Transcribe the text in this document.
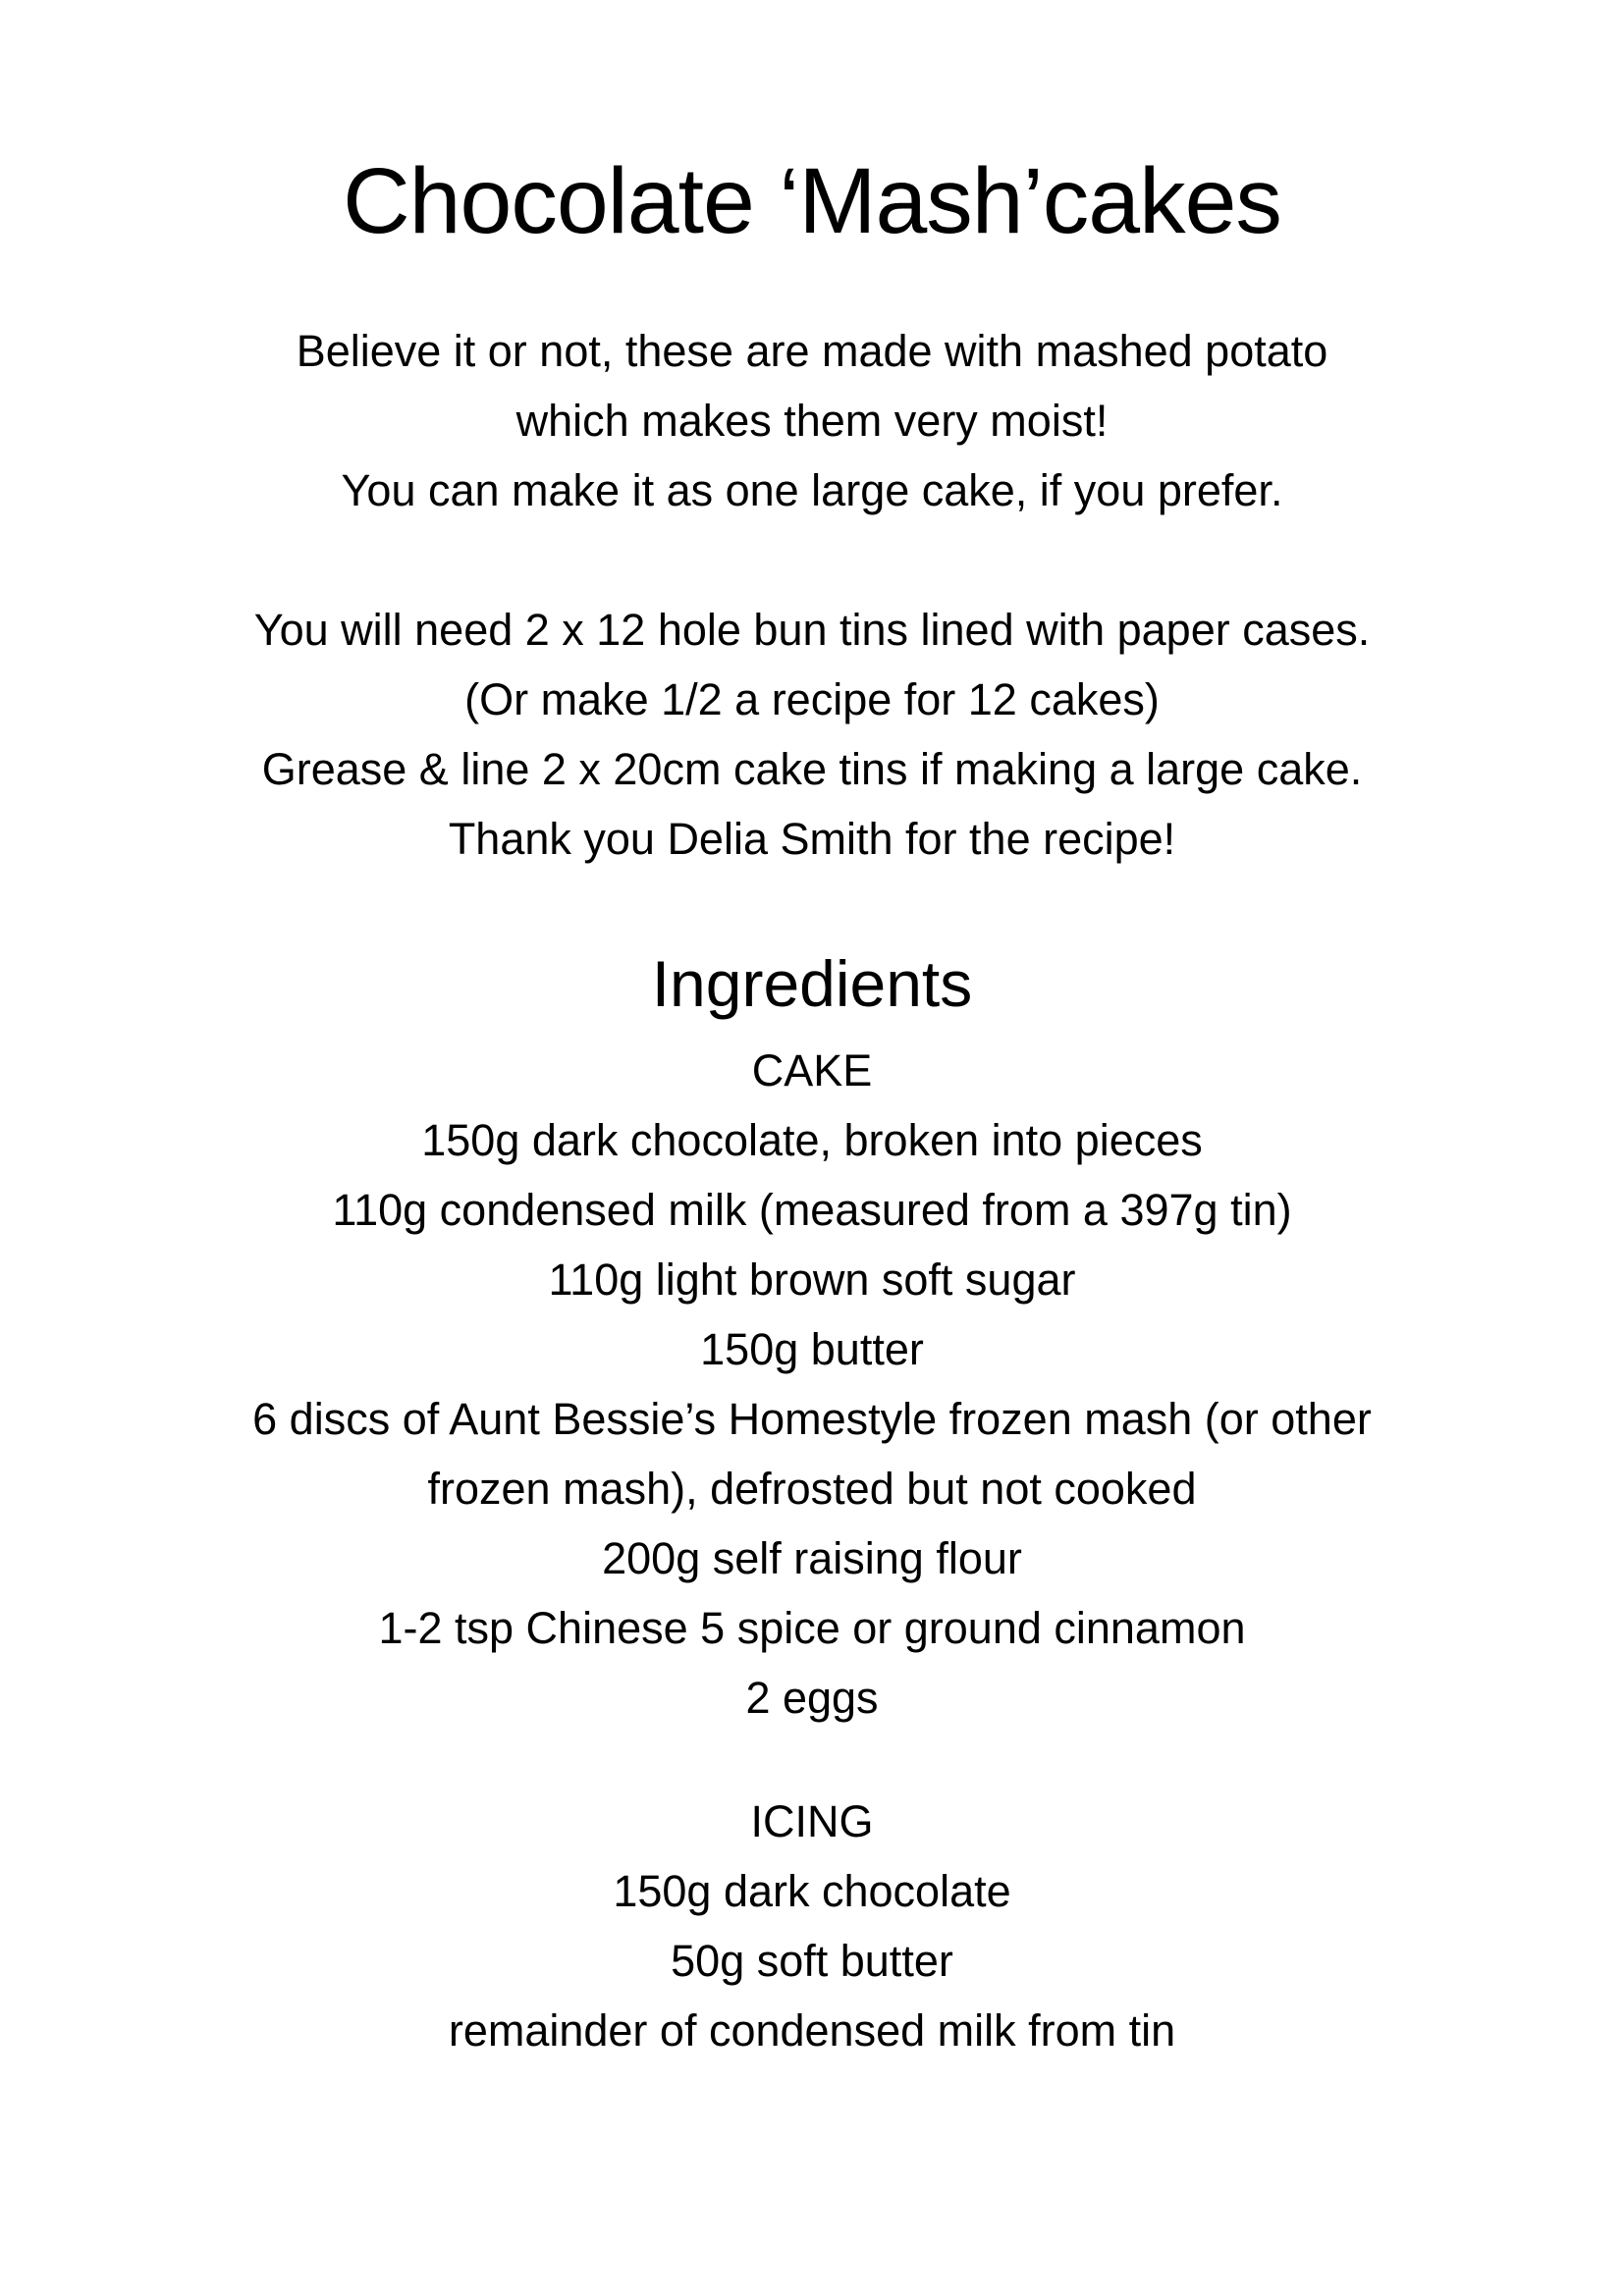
Chocolate ‘Mash’cakes
Believe it or not, these are made with mashed potato
which makes them very moist!
You can make it as one large cake, if you prefer.
You will need 2 x 12 hole bun tins lined with paper cases.
(Or make 1/2 a recipe for 12 cakes)
Grease & line 2 x 20cm cake tins if making a large cake.
Thank you Delia Smith for the recipe!
Ingredients
CAKE
150g dark chocolate, broken into pieces
110g condensed milk (measured from a 397g tin)
110g light brown soft sugar
150g butter
6 discs of Aunt Bessie’s Homestyle frozen mash (or other
frozen mash), defrosted but not cooked
200g self raising flour
1-2 tsp Chinese 5 spice or ground cinnamon
2 eggs
ICING
150g dark chocolate
50g soft butter
remainder of condensed milk from tin
